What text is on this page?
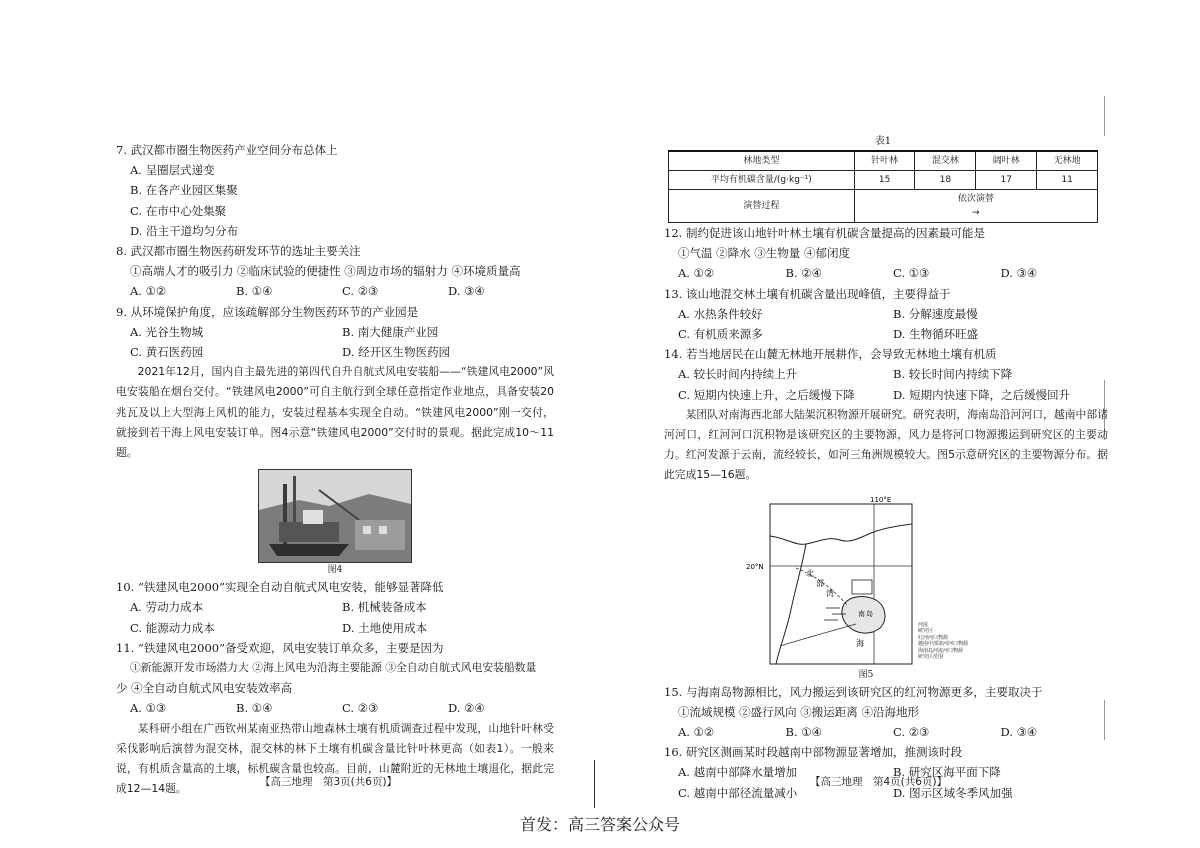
7. 武汉都市圈生物医药产业空间分布总体上
A. 呈圈层式递变
B. 在各产业园区集聚
C. 在市中心处集聚
D. 沿主干道均匀分布
8. 武汉都市圈生物医药研发环节的选址主要关注
①高端人才的吸引力 ②临床试验的便捷性 ③周边市场的辐射力 ④环境质量高
A. ①②	B. ①④	C. ②③	D. ③④
9. 从环境保护角度，应该疏解部分生物医药环节的产业园是
A. 光谷生物城	B. 南大健康产业园
C. 黄石医药园	D. 经开区生物医药园
2021年12月，国内自主最先进的第四代自升自航式风电安装船——“铁建风电2000”风电安装船在烟台交付。“铁建风电2000”可自主航行到全球任意指定作业地点，具备安装20兆瓦及以上大型海上风机的能力，安装过程基本实现全自动。“铁建风电2000”刚一交付，就接到若干海上风电安装订单。图4示意“铁建风电2000”交付时的景观。据此完成10～11题。
图4
10. “铁建风电2000”实现全自动自航式风电安装，能够显著降低
A. 劳动力成本	B. 机械装备成本
C. 能源动力成本	D. 土地使用成本
11. “铁建风电2000”备受欢迎，风电安装订单众多，主要是因为
①新能源开发市场潜力大 ②海上风电为沿海主要能源 ③全自动自航式风电安装船数量
少 ④全自动自航式风电安装效率高
A. ①③	B. ①④	C. ②③	D. ②④
某科研小组在广西钦州某南亚热带山地森林土壤有机质调查过程中发现，山地针叶林受采伐影响后演替为混交林，混交林的林下土壤有机碳含量比针叶林更高（如表1）。一般来说，有机质含量高的土壤，标机碳含量也较高。目前，山麓附近的无林地土壤退化，据此完成12—14题。
【高三地理　第3页(共6页)】
表1
林地类型	针叶林	混交林	阔叶林	无林地
平均有机碳含量/(g·kg⁻¹)	15	18	17	11
演替过程	依次演替
→			
12. 制约促进该山地针叶林土壤有机碳含量提高的因素最可能是
①气温 ②降水 ③生物量 ④郁闭度
A. ①②	B. ②④	C. ①③	D. ③④
13. 该山地混交林土壤有机碳含量出现峰值，主要得益于
A. 水热条件较好	B. 分解速度最慢
C. 有机质来源多	D. 生物循环旺盛
14. 若当地居民在山麓无林地开展耕作，会导致无林地土壤有机质
A. 较长时间内持续上升	B. 较长时间内持续下降
C. 短期内快速上升，之后缓慢下降	D. 短期内快速下降，之后缓慢回升
某团队对南海西北部大陆架沉积物源开展研究。研究表明，海南岛沿河河口，越南中部诸河河口，红河河口沉积物是该研究区的主要物源，风力是将河口物源搬运到研究区的主要动力。红河发源于云南，流经较长，如河三角洲规模较大。图5示意研究区的主要物源分布。据此完成15—16题。
110°E
20°N
北
部
湾
海
南 岛
河流
研究区
红河河口物源
越南中部诸河河口物源
海南岛河流河口物源
研究区范围
图5
15. 与海南岛物源相比，风力搬运到该研究区的红河物源更多，主要取决于
①流域规模 ②盛行风向 ③搬运距离 ④沿海地形
A. ①②	B. ①④	C. ②③	D. ③④
16. 研究区测画某时段越南中部物源显著增加，推测该时段
A. 越南中部降水量增加	B. 研究区海平面下降
C. 越南中部径流量减小	D. 图示区域冬季风加强
【高三地理　第4页(共6页)】
首发：高三答案公众号
